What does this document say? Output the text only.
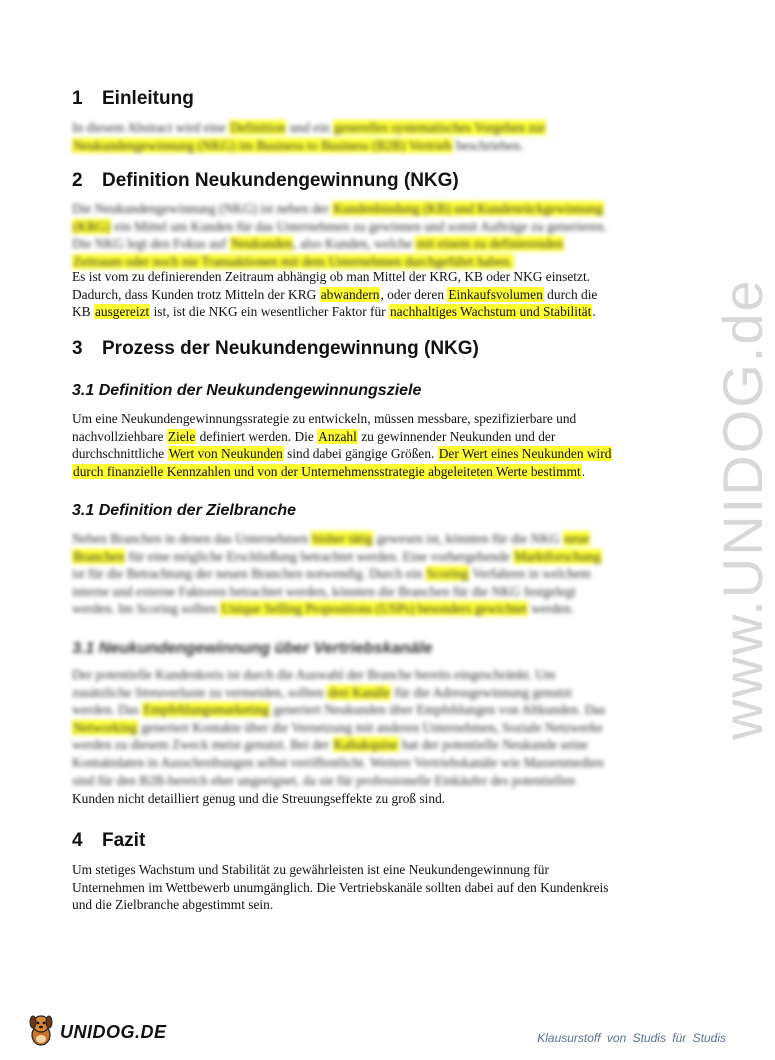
www.UNIDOG.de
1 Einleitung
In diesem Abstract wird eine Definition und ein generelles systematisches Vorgehen zur
Neukundengewinnung (NKG) im Business to Business (B2B) Vertrieb beschrieben.
2 Definition Neukundengewinnung (NKG)
Die Neukundengewinnung (NKG) ist neben der Kundenbindung (KB) und Kundenrückgewinnung
(KRG) ein Mittel um Kunden für das Unternehmen zu gewinnen und somit Aufträge zu generieren.
Die NKG legt den Fokus auf Neukunden, also Kunden, welche mit einem zu definierenden
Zeitraum oder noch nie Transaktionen mit dem Unternehmen durchgeführt haben.
Es ist vom zu definierenden Zeitraum abhängig ob man Mittel der KRG, KB oder NKG einsetzt.
Dadurch, dass Kunden trotz Mitteln der KRG abwandern, oder deren Einkaufsvolumen durch die
KB ausgereizt ist, ist die NKG ein wesentlicher Faktor für nachhaltiges Wachstum und Stabilität.
3 Prozess der Neukundengewinnung (NKG)
3.1 Definition der Neukundengewinnungsziele
Um eine Neukundengewinnungssrategie zu entwickeln, müssen messbare, spezifizierbare und
nachvollziehbare Ziele definiert werden. Die Anzahl zu gewinnender Neukunden und der
durchschnittliche Wert von Neukunden sind dabei gängige Größen. Der Wert eines Neukunden wird
durch finanzielle Kennzahlen und von der Unternehmensstrategie abgeleiteten Werte bestimmt.
3.1 Definition der Zielbranche
Neben Branchen in denen das Unternehmen bisher tätig gewesen ist, könnten für die NKG neue
Branchen für eine mögliche Erschließung betrachtet werden. Eine vorhergehende Marktforschung
ist für die Betrachtung der neuen Branchen notwendig. Durch ein Scoring Verfahren in welchem
interne und externe Faktoren betrachtet werden, könnten die Branchen für die NKG festgelegt
werden. Im Scoring sollten Unique Selling Propositions (USPs) besonders gewichtet werden.
3.1 Neukundengewinnung über Vertriebskanäle
Der potentielle Kundenkreis ist durch die Auswahl der Branche bereits eingeschränkt. Um
zusätzliche Streuverluste zu vermeiden, sollten drei Kanäle für die Adressgewinnung genutzt
werden. Das Empfehlungsmarketing generiert Neukunden über Empfehlungen von Altkunden. Das
Networking generiert Kontakte über die Vernetzung mit anderen Unternehmen, Soziale Netzwerke
werden zu diesem Zweck meist genutzt. Bei der Kaltakquise hat der potentielle Neukunde seine
Kontaktdaten in Ausschreibungen selbst veröffentlicht. Weitere Vertriebskanäle wie Massenmedien
sind für den B2B-bereich eher ungeeignet, da sie für professionelle Einkäufer des potentiellen
Kunden nicht detailliert genug und die Streuungseffekte zu groß sind.
4 Fazit
Um stetiges Wachstum und Stabilität zu gewährleisten ist eine Neukundengewinnung für
Unternehmen im Wettbewerb unumgänglich. Die Vertriebskanäle sollten dabei auf den Kundenkreis
und die Zielbranche abgestimmt sein.
UNIDOG.DE	Klausurstoff von Studis für Studis
